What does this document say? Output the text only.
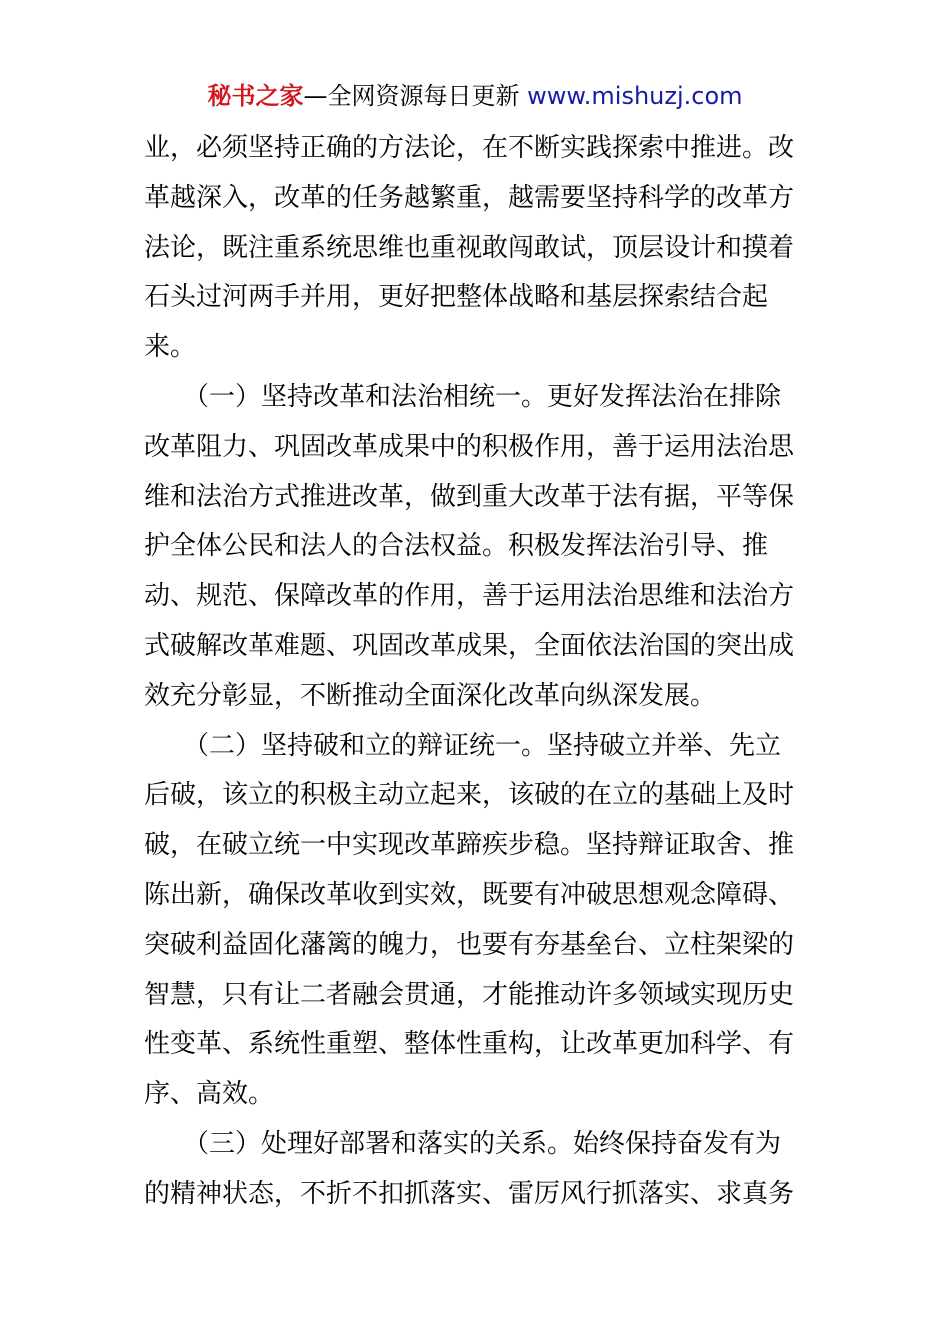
秘书之家—全网资源每日更新 www.mishuzj.com
业，必须坚持正确的方法论，在不断实践探索中推进。改
革越深入，改革的任务越繁重，越需要坚持科学的改革方
法论，既注重系统思维也重视敢闯敢试，顶层设计和摸着
石头过河两手并用，更好把整体战略和基层探索结合起
来。
　　（一）坚持改革和法治相统一。更好发挥法治在排除
改革阻力、巩固改革成果中的积极作用，善于运用法治思
维和法治方式推进改革，做到重大改革于法有据，平等保
护全体公民和法人的合法权益。积极发挥法治引导、推
动、规范、保障改革的作用，善于运用法治思维和法治方
式破解改革难题、巩固改革成果，全面依法治国的突出成
效充分彰显，不断推动全面深化改革向纵深发展。
　　（二）坚持破和立的辩证统一。坚持破立并举、先立
后破，该立的积极主动立起来，该破的在立的基础上及时
破，在破立统一中实现改革蹄疾步稳。坚持辩证取舍、推
陈出新，确保改革收到实效，既要有冲破思想观念障碍、
突破利益固化藩篱的魄力，也要有夯基垒台、立柱架梁的
智慧，只有让二者融会贯通，才能推动许多领域实现历史
性变革、系统性重塑、整体性重构，让改革更加科学、有
序、高效。
　　（三）处理好部署和落实的关系。始终保持奋发有为
的精神状态，不折不扣抓落实、雷厉风行抓落实、求真务
